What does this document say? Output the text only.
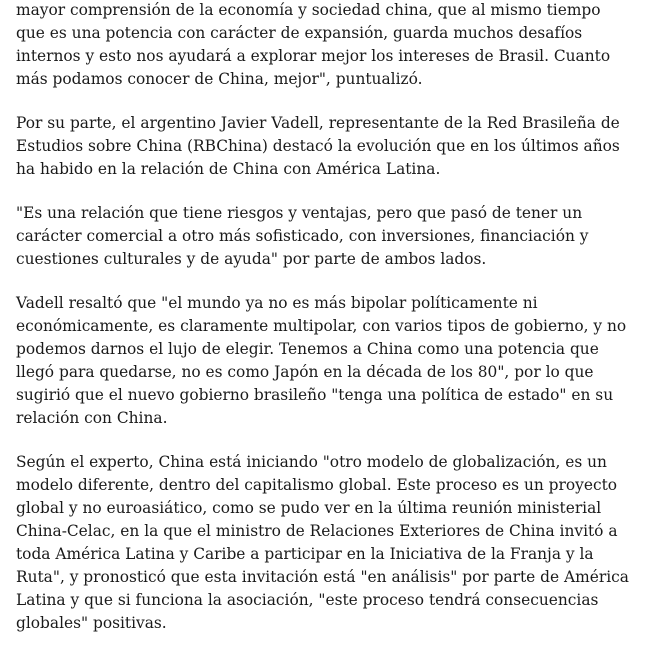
mayor comprensión de la economía y sociedad china, que al mismo tiempo que es una potencia con carácter de expansión, guarda muchos desafíos internos y esto nos ayudará a explorar mejor los intereses de Brasil. Cuanto más podamos conocer de China, mejor", puntualizó.

Por su parte, el argentino Javier Vadell, representante de la Red Brasileña de Estudios sobre China (RBChina) destacó la evolución que en los últimos años ha habido en la relación de China con América Latina.

"Es una relación que tiene riesgos y ventajas, pero que pasó de tener un carácter comercial a otro más sofisticado, con inversiones, financiación y cuestiones culturales y de ayuda" por parte de ambos lados.

Vadell resaltó que "el mundo ya no es más bipolar políticamente ni económicamente, es claramente multipolar, con varios tipos de gobierno, y no podemos darnos el lujo de elegir. Tenemos a China como una potencia que llegó para quedarse, no es como Japón en la década de los 80", por lo que sugirió que el nuevo gobierno brasileño "tenga una política de estado" en su relación con China.

Según el experto, China está iniciando "otro modelo de globalización, es un modelo diferente, dentro del capitalismo global. Este proceso es un proyecto global y no euroasiático, como se pudo ver en la última reunión ministerial China-Celac, en la que el ministro de Relaciones Exteriores de China invitó a toda América Latina y Caribe a participar en la Iniciativa de la Franja y la Ruta", y pronosticó que esta invitación está "en análisis" por parte de América Latina y que si funciona la asociación, "este proceso tendrá consecuencias globales" positivas.
